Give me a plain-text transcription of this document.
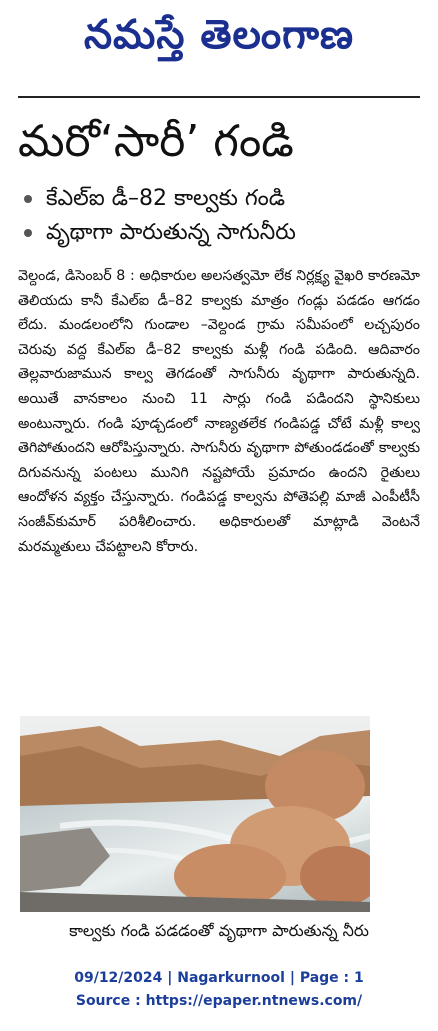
నమస్తే తెలంగాణ
మరో‘సారీ’ గండి
కేఎల్ఐ డీ–82 కాల్వకు గండి
వృథాగా పారుతున్న సాగునీరు
వెల్దండ, డిసెంబర్ 8 : అధికారుల అలసత్వమో లేక నిర్లక్ష్య వైఖరి కారణమో తెలియదు కానీ కేఎల్ఐ డీ–82 కాల్వకు మాత్రం గండ్లు పడడం ఆగడం లేదు. మండలంలోని గుండాల –వెల్దండ గ్రామ సమీపంలో లచ్చపురం చెరువు వద్ద కేఎల్ఐ డీ–82 కాల్వకు మళ్లీ గండి పడింది. ఆదివారం తెల్లవారుజామున కాల్వ తెగడంతో సాగునీరు వృథాగా పారుతున్నది. అయితే వానకాలం నుంచి 11 సార్లు గండి పడిందని స్థానికులు అంటున్నారు. గండి పూడ్చడంలో నాణ్యతలేక గండిపడ్డ చోటే మళ్లీ కాల్వ తెగిపోతుందని ఆరోపిస్తున్నారు. సాగునీరు వృథాగా పోతుండడంతో కాల్వకు దిగువనున్న పంటలు మునిగి నష్టపోయే ప్రమాదం ఉందని రైతులు ఆందోళన వ్యక్తం చేస్తున్నారు. గండిపడ్డ కాల్వను పోతెపల్లి మాజీ ఎంపీటీసీ సంజీవ్‌కుమార్ పరిశీలించారు. అధికారులతో మాట్లాడి వెంటనే మరమ్మతులు చేపట్టాలని కోరారు.
కాల్వకు గండి పడడంతో వృథాగా పారుతున్న నీరు
09/12/2024 | Nagarkurnool | Page : 1
Source : https://epaper.ntnews.com/
